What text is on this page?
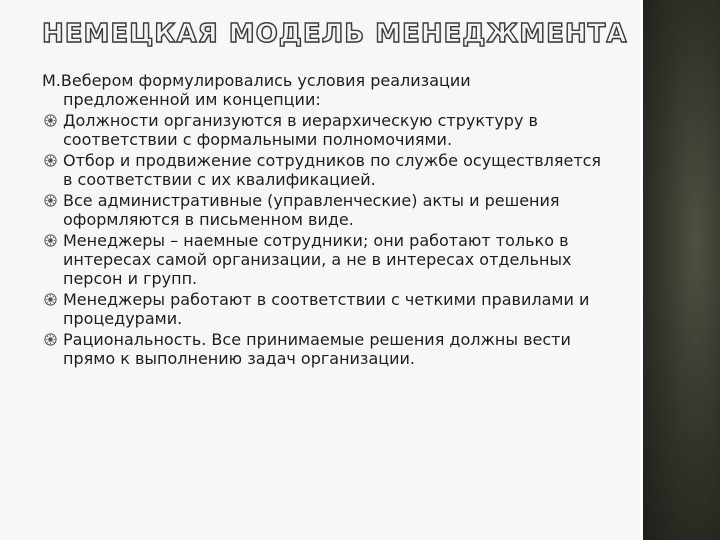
НЕМЕЦКАЯ МОДЕЛЬ МЕНЕДЖМЕНТА

М.Вебером формулировались условия реализации предложенной им концепции:

Должности организуются в иерархическую структуру в соответствии с формальными полномочиями.
Отбор и продвижение сотрудников по службе осуществляется в соответствии с их квалификацией.
Все административные (управленческие) акты и решения оформляются в письменном виде.
Менеджеры – наемные сотрудники; они работают только в интересах самой организации, а не в интересах отдельных персон и групп.
Менеджеры работают в соответствии с четкими правилами и процедурами.
Рациональность. Все принимаемые решения должны вести прямо к выполнению задач организации.
